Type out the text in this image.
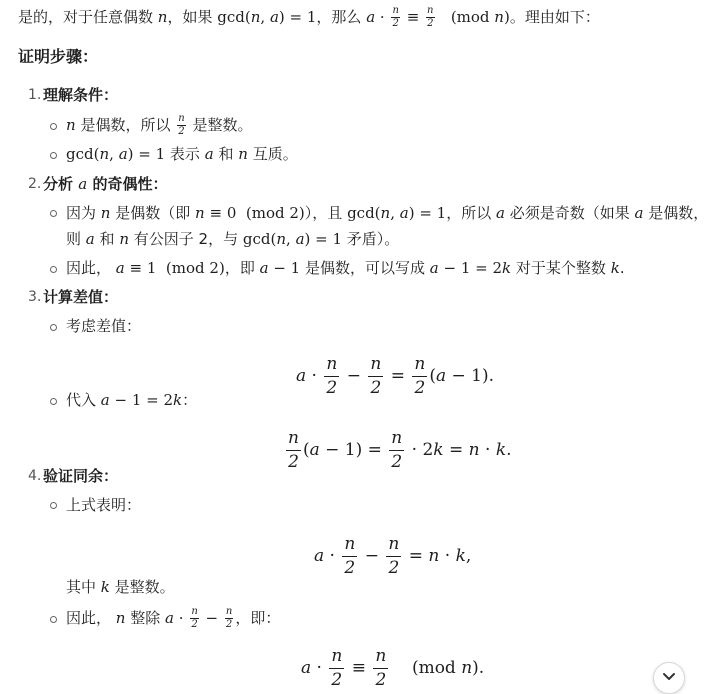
是的，对于任意偶数 n，如果 gcd(n, a) = 1，那么 $a \cdot \frac{n}{2} \equiv \frac{n}{2} (mod$ n)。理由如下：
证明步骤：
1. 理解条件：
n 是偶数，所以 $\frac{n}{2}$ 是整数。
gcd(n, a) = 1 表示 a 和 n 互质。
2. 分析 a 的奇偶性：
因为 n 是偶数（即 n ≡ 0  (mod 2)），且 gcd(n, a) = 1，所以 a 必须是奇数（如果 a 是偶数，
则 a 和 n 有公因子 2，与 gcd(n, a) = 1 矛盾）。
因此， a ≡ 1  (mod 2)，即 a − 1 是偶数，可以写成 a − 1 = 2k 对于某个整数 k.
3. 计算差值：
考虑差值：
$a \cdot \frac{n}{2} - \frac{n}{2} = \frac{n}{2} (a - 1)$.
代入 a − 1 = 2k：
$\frac{n}{2} (a - 1) = \frac{n}{2} \cdot 2k = n \cdot k$.
4. 验证同余：
上式表明：
$a \cdot \frac{n}{2} - \frac{n}{2} = n \cdot k$,
其中 k 是整数。
因此， n 整除 $a \cdot \frac{n}{2} - \frac{n}{2}$ ，即：
$a \cdot \frac{n}{2} \equiv \frac{n}{2} (mod$ n).
